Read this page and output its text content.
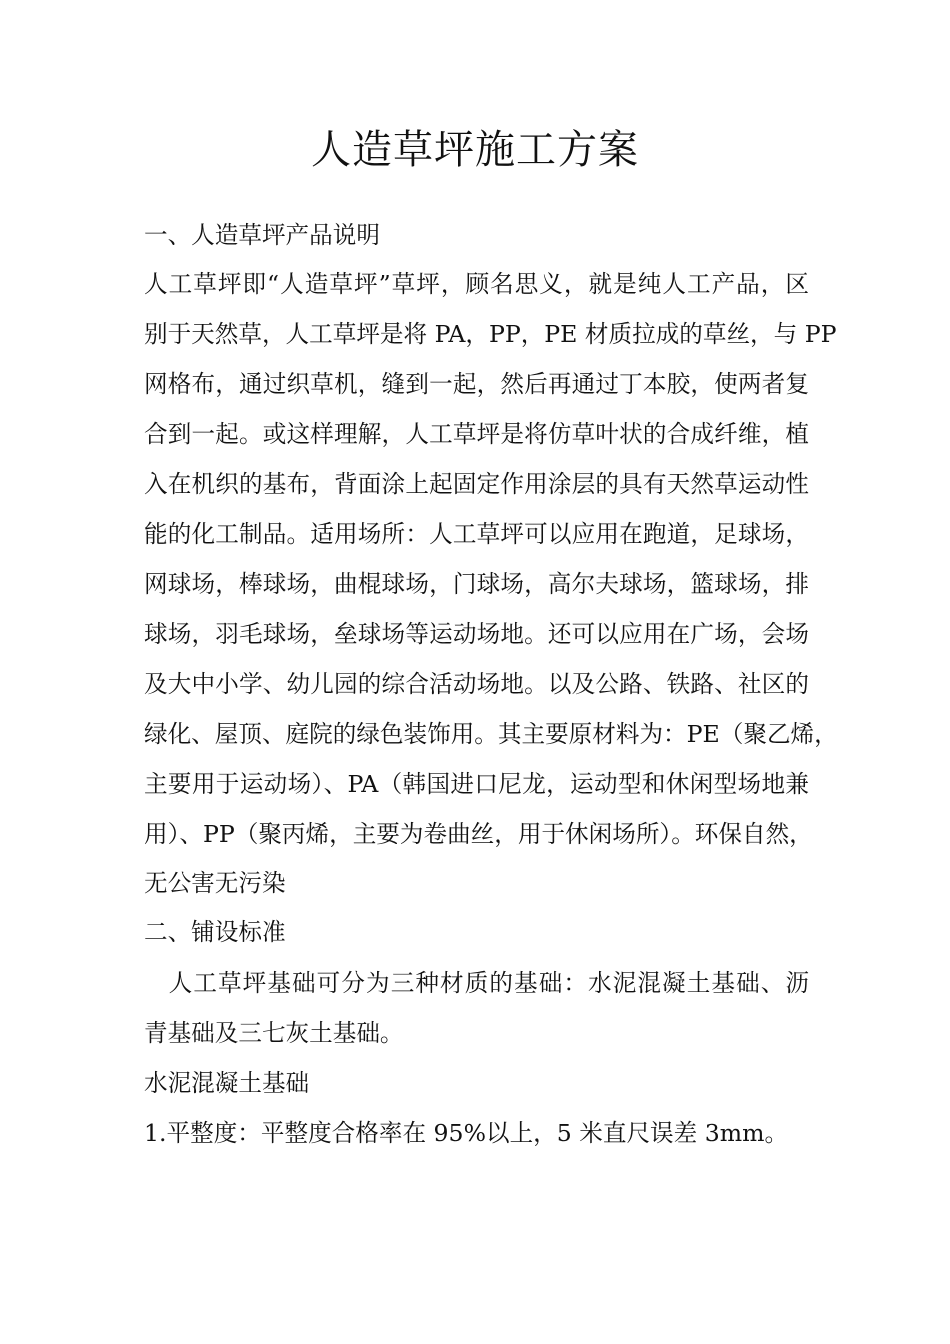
人造草坪施工方案

一、人造草坪产品说明

人工草坪即“人造草坪”草坪，顾名思义，就是纯人工产品，区

别于天然草，人工草坪是将 PA，PP，PE 材质拉成的草丝，与 PP

网格布，通过织草机，缝到一起，然后再通过丁本胶，使两者复

合到一起。或这样理解，人工草坪是将仿草叶状的合成纤维，植

入在机织的基布，背面涂上起固定作用涂层的具有天然草运动性

能的化工制品。适用场所：人工草坪可以应用在跑道，足球场，

网球场，棒球场，曲棍球场，门球场，高尔夫球场，篮球场，排

球场，羽毛球场，垒球场等运动场地。还可以应用在广场，会场

及大中小学、幼儿园的综合活动场地。以及公路、铁路、社区的

绿化、屋顶、庭院的绿色装饰用。其主要原材料为：PE（聚乙烯，

主要用于运动场）、PA（韩国进口尼龙，运动型和休闲型场地兼

用）、PP（聚丙烯，主要为卷曲丝，用于休闲场所）。环保自然，

无公害无污染

二、铺设标准

　人工草坪基础可分为三种材质的基础：水泥混凝土基础、沥

青基础及三七灰土基础。

水泥混凝土基础

1.平整度：平整度合格率在 95%以上，5 米直尺误差 3mm。
